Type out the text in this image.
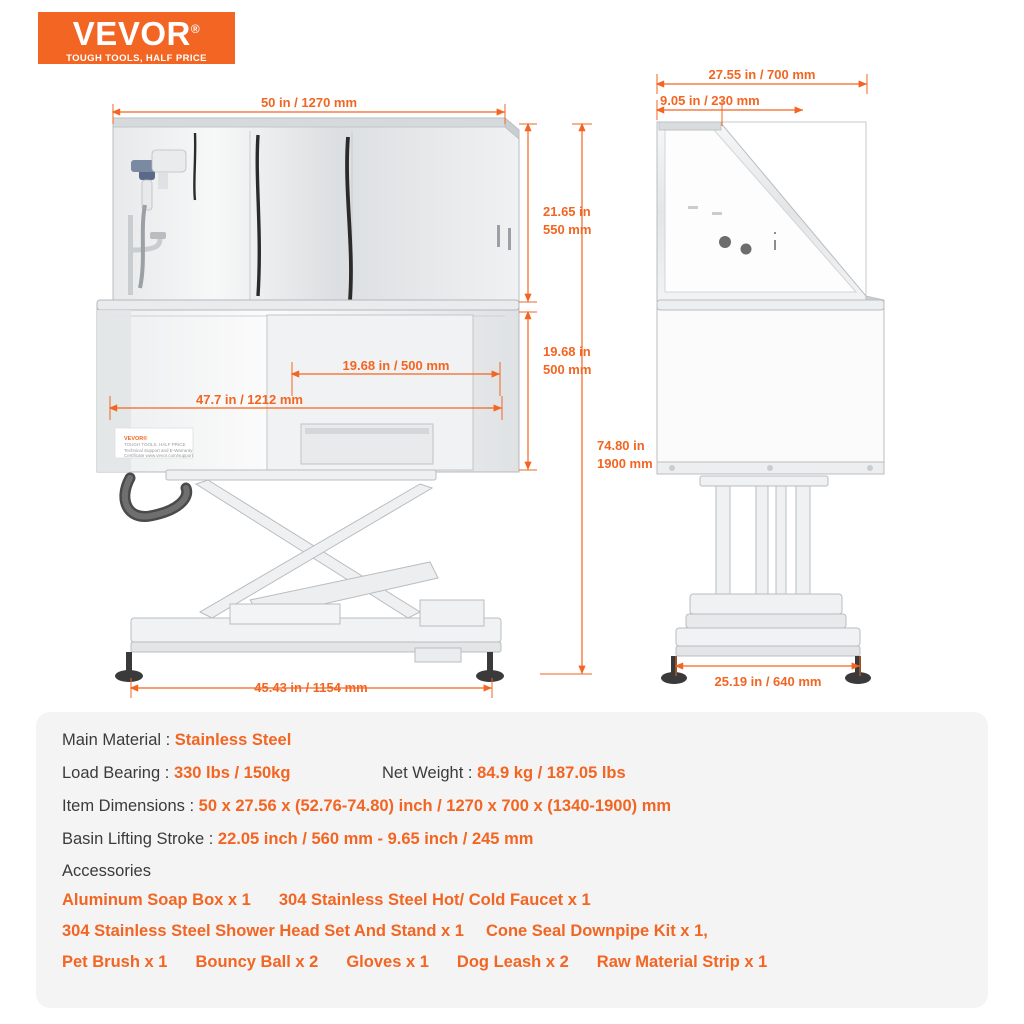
VEVOR®
TOUGH TOOLS, HALF PRICE
VEVOR®
TOUGH TOOLS, HALF PRICE
Technical Support and E-Warranty
Certificate www.vevor.com/support
50 in / 1270 mm
21.65 in
550 mm
19.68 in
500 mm
74.80 in
1900 mm
19.68 in / 500 mm
47.7 in / 1212 mm
45.43 in / 1154 mm
27.55 in / 700 mm
9.05 in / 230 mm
25.19 in / 640 mm
Main Material : Stainless Steel
Load Bearing : 330 lbs / 150kg	Net Weight : 84.9 kg / 187.05 lbs
Item Dimensions : 50 x 27.56 x (52.76-74.80) inch / 1270 x 700 x (1340-1900) mm
Basin Lifting Stroke : 22.05 inch / 560 mm - 9.65 inch / 245 mm
Accessories
Aluminum Soap Box x 1 304 Stainless Steel Hot/ Cold Faucet x 1
304 Stainless Steel Shower Head Set And Stand x 1 Cone Seal Downpipe Kit x 1,
Pet Brush x 1 Bouncy Ball x 2 Gloves x 1 Dog Leash x 2 Raw Material Strip x 1
